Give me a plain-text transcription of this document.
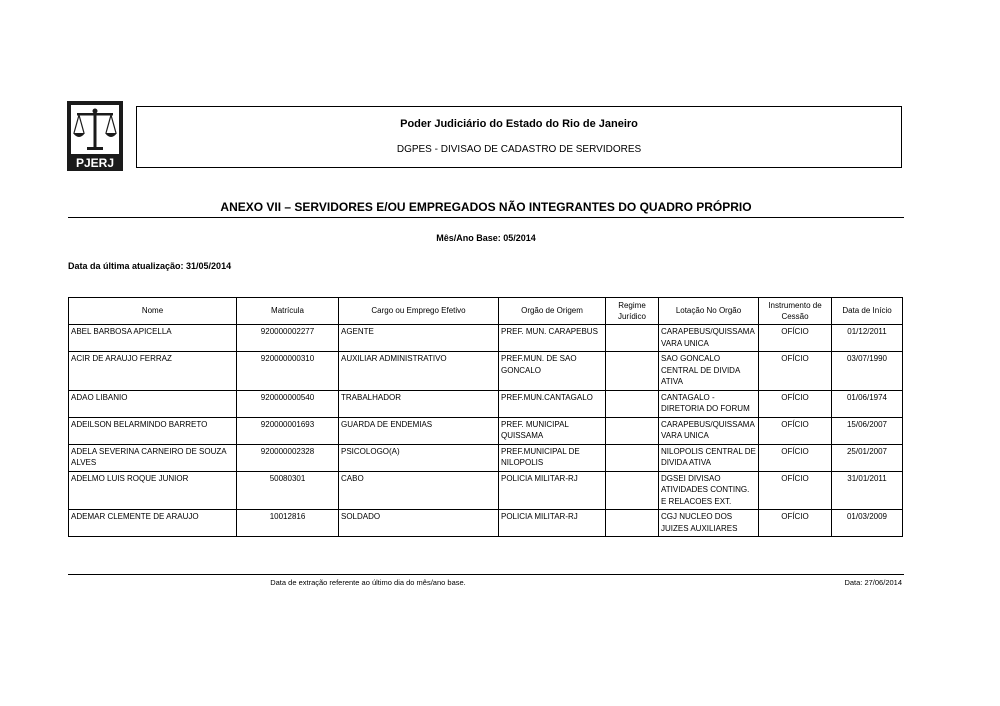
PJERJ
Poder Judiciário do Estado do Rio de Janeiro
DGPES - DIVISAO DE CADASTRO DE SERVIDORES
ANEXO VII – SERVIDORES E/OU EMPREGADOS NÃO INTEGRANTES DO QUADRO PRÓPRIO
Mês/Ano Base: 05/2014
Data da última atualização: 31/05/2014
Nome	Matrícula	Cargo ou Emprego Efetivo	Orgão de Origem	Regime Jurídico	Lotação No Orgão	Instrumento de Cessão	Data de Início
ABEL BARBOSA APICELLA	920000002277	AGENTE	PREF. MUN. CARAPEBUS		CARAPEBUS/QUISSAMA VARA UNICA	OFÍCIO	01/12/2011
ACIR DE ARAUJO FERRAZ	920000000310	AUXILIAR ADMINISTRATIVO	PREF.MUN. DE SAO GONCALO		SAO GONCALO CENTRAL DE DIVIDA ATIVA	OFÍCIO	03/07/1990
ADAO LIBANIO	920000000540	TRABALHADOR	PREF.MUN.CANTAGALO		CANTAGALO - DIRETORIA DO FORUM	OFÍCIO	01/06/1974
ADEILSON BELARMINDO BARRETO	920000001693	GUARDA DE ENDEMIAS	PREF. MUNICIPAL QUISSAMA		CARAPEBUS/QUISSAMA VARA UNICA	OFÍCIO	15/06/2007
ADELA SEVERINA CARNEIRO DE SOUZA ALVES	920000002328	PSICOLOGO(A)	PREF.MUNICIPAL DE NILOPOLIS		NILOPOLIS CENTRAL DE DIVIDA ATIVA	OFÍCIO	25/01/2007
ADELMO LUIS ROQUE JUNIOR	50080301	CABO	POLICIA MILITAR-RJ		DGSEI DIVISAO ATIVIDADES CONTING. E RELACOES EXT.	OFÍCIO	31/01/2011
ADEMAR CLEMENTE DE ARAUJO	10012816	SOLDADO	POLICIA MILITAR-RJ		CGJ NUCLEO DOS JUIZES AUXILIARES	OFÍCIO	01/03/2009
Data de extração referente ao último dia do mês/ano base.	Data: 27/06/2014
